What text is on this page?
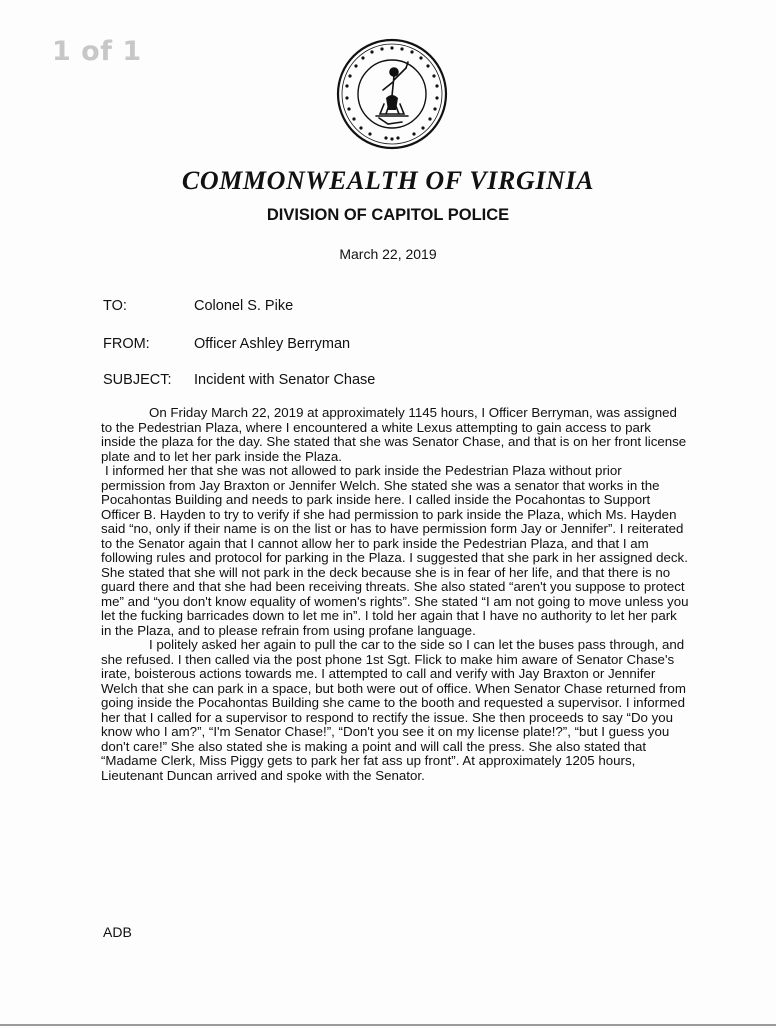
1 of 1
COMMONWEALTH OF VIRGINIA
DIVISION OF CAPITOL POLICE
March 22, 2019
TO:	Colonel S. Pike
FROM:	Officer Ashley Berryman
SUBJECT:	Incident with Senator Chase

On Friday March 22, 2019 at approximately 1145 hours, I Officer Berryman, was assigned to the Pedestrian Plaza, where I encountered a white Lexus attempting to gain access to park inside the plaza for the day. She stated that she was Senator Chase, and that is on her front license plate and to let her park inside the Plaza.

I informed her that she was not allowed to park inside the Pedestrian Plaza without prior permission from Jay Braxton or Jennifer Welch. She stated she was a senator that works in the Pocahontas Building and needs to park inside here. I called inside the Pocahontas to Support Officer B. Hayden to try to verify if she had permission to park inside the Plaza, which Ms. Hayden said “no, only if their name is on the list or has to have permission form Jay or Jennifer”. I reiterated to the Senator again that I cannot allow her to park inside the Pedestrian Plaza, and that I am following rules and protocol for parking in the Plaza. I suggested that she park in her assigned deck. She stated that she will not park in the deck because she is in fear of her life, and that there is no guard there and that she had been receiving threats. She also stated “aren't you suppose to protect me” and “you don't know equality of women's rights”. She stated “I am not going to move unless you let the fucking barricades down to let me in”. I told her again that I have no authority to let her park in the Plaza, and to please refrain from using profane language.

I politely asked her again to pull the car to the side so I can let the buses pass through, and she refused. I then called via the post phone 1st Sgt. Flick to make him aware of Senator Chase's irate, boisterous actions towards me. I attempted to call and verify with Jay Braxton or Jennifer Welch that she can park in a space, but both were out of office. When Senator Chase returned from going inside the Pocahontas Building she came to the booth and requested a supervisor. I informed her that I called for a supervisor to respond to rectify the issue. She then proceeds to say “Do you know who I am?”, “I'm Senator Chase!”, “Don't you see it on my license plate!?”, “but I guess you don't care!” She also stated she is making a point and will call the press. She also stated that “Madame Clerk, Miss Piggy gets to park her fat ass up front”. At approximately 1205 hours, Lieutenant Duncan arrived and spoke with the Senator.

ADB
